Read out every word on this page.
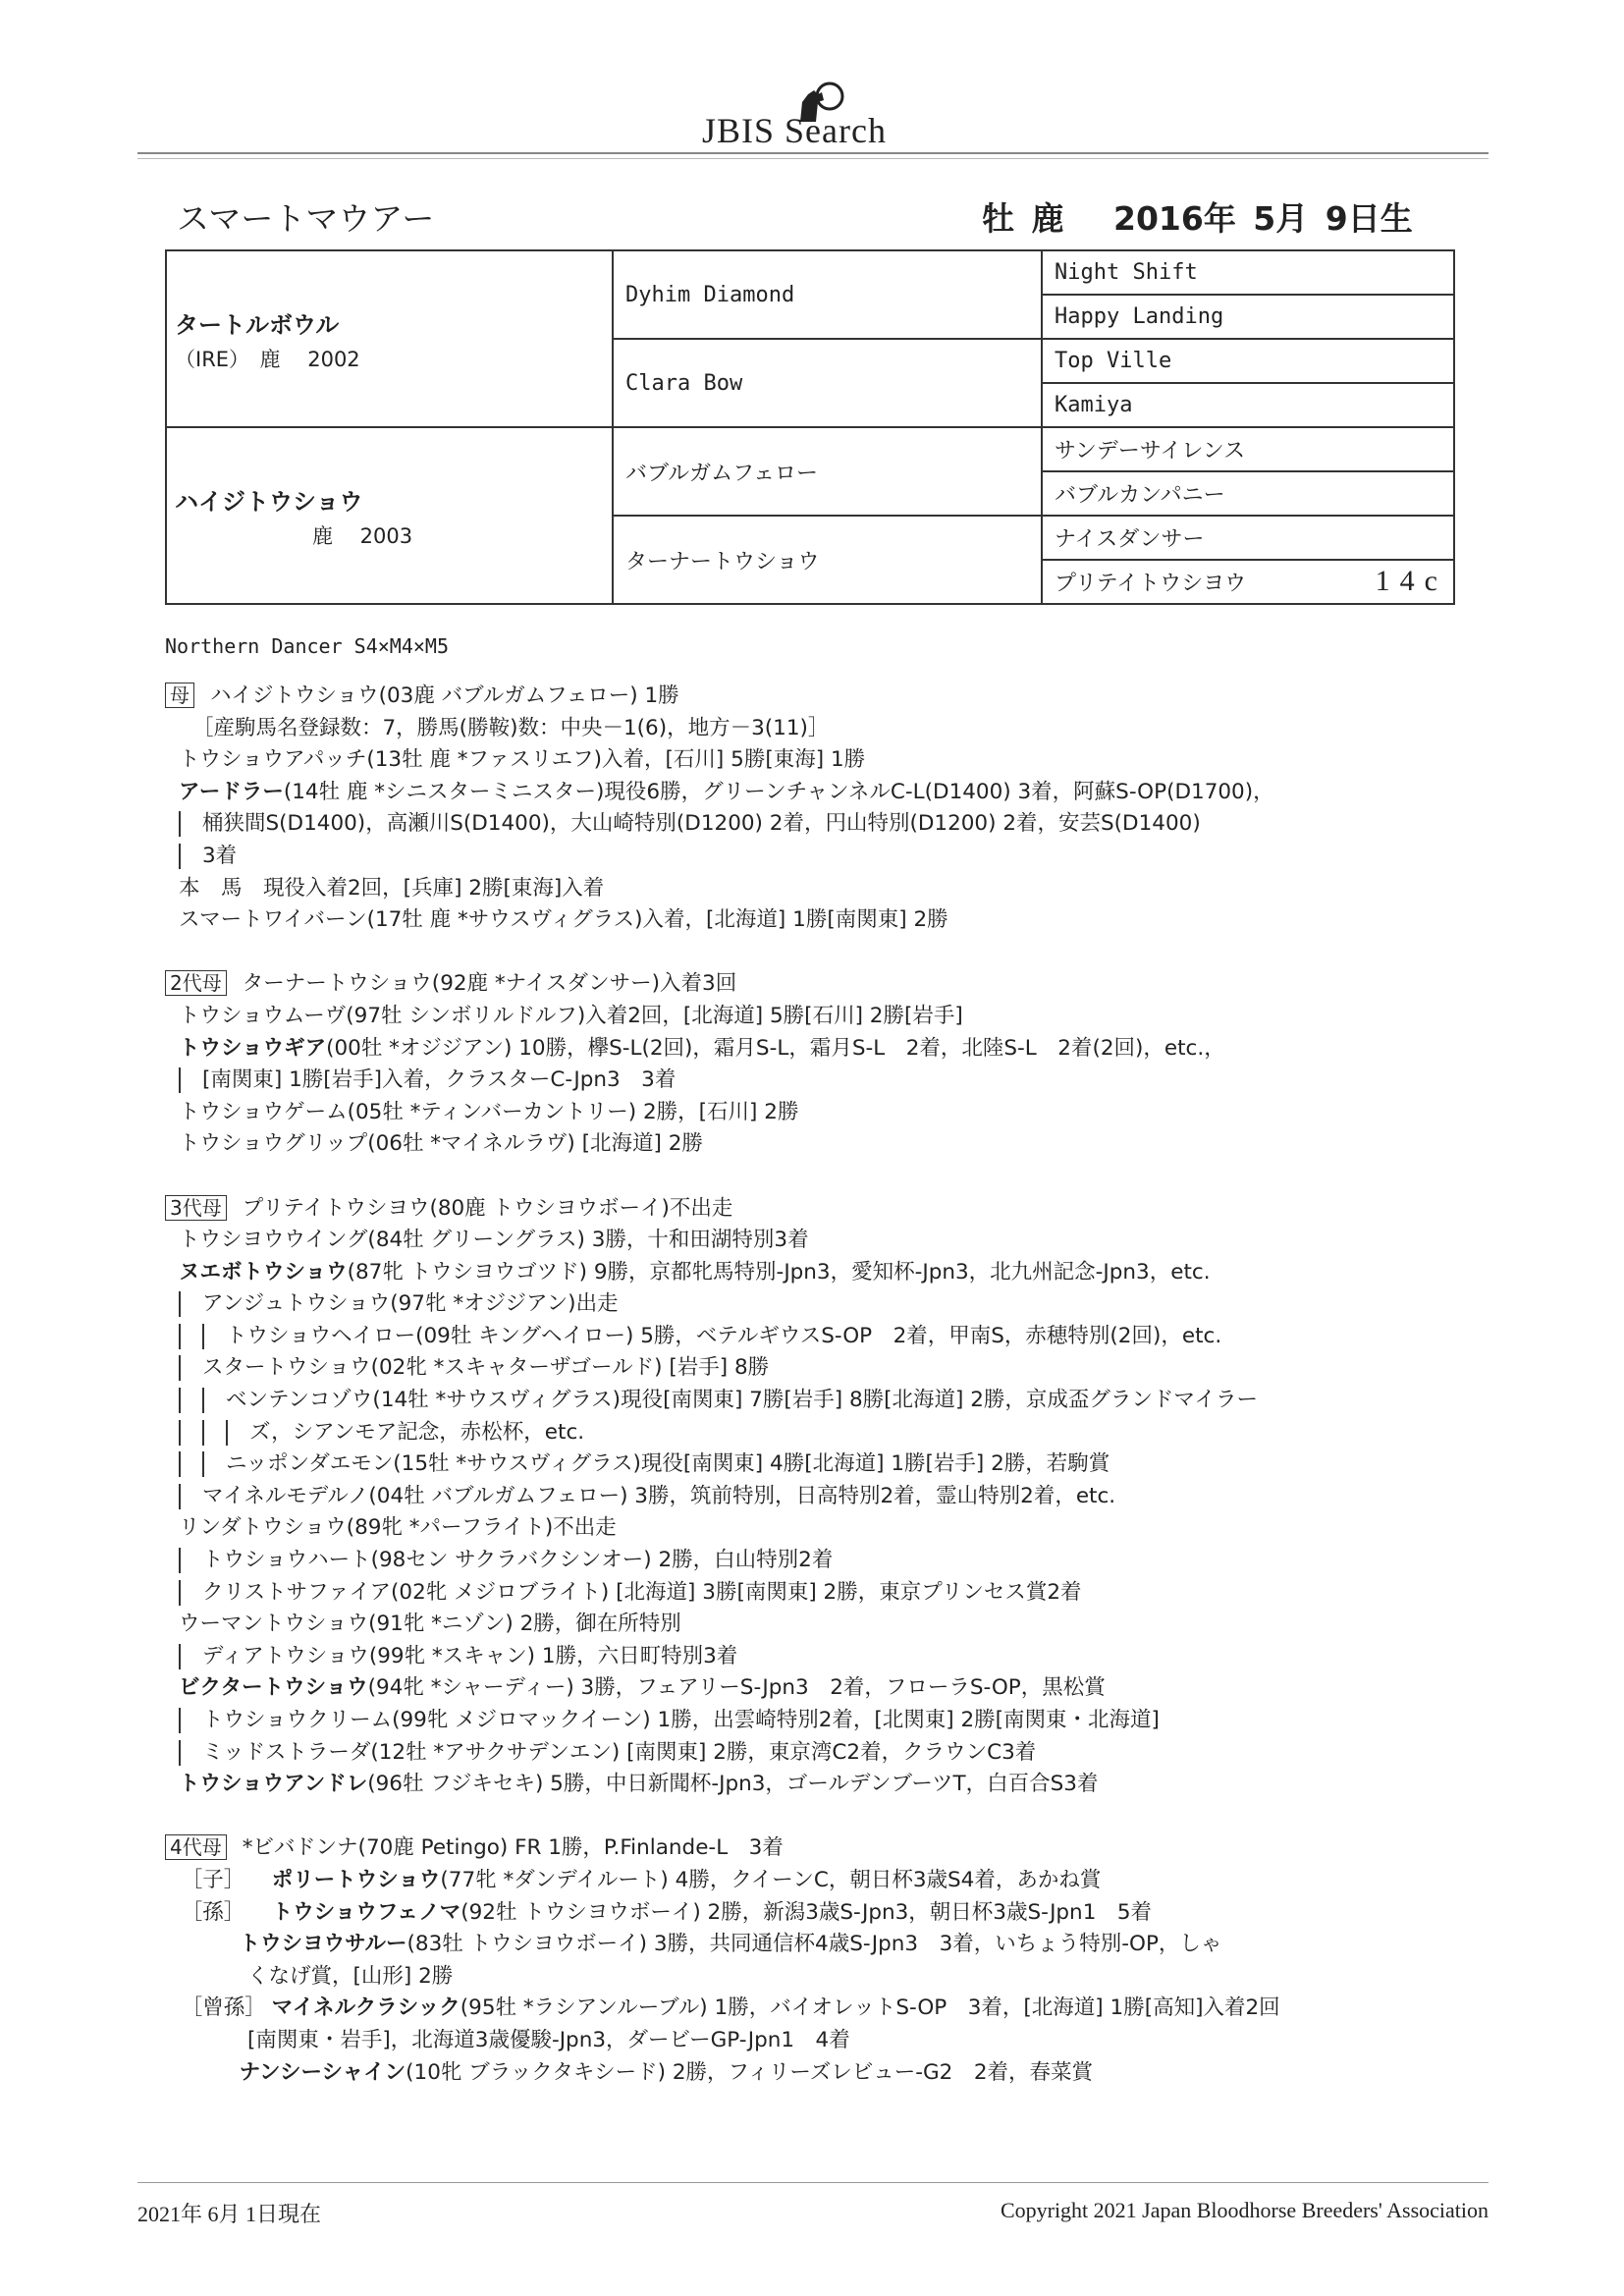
JBIS Search
スマートマウアー	牡 鹿　 2016年 5月 9日生
タートルボウル
（IRE）　鹿　 2002	Dyhim Diamond	Night Shift
		Happy Landing
	Clara Bow	Top Ville
		Kamiya

ハイジトウショウ
鹿　 2003	バブルガムフェロー	サンデーサイレンス
		バブルカンパニー
	ターナートウショウ	ナイスダンサー
		プリテイトウシヨウ 14c
Northern Dancer S4×M4×M5
母 ハイジトウショウ(03鹿 バブルガムフェロー) 1勝
［産駒馬名登録数：7，勝馬(勝鞍)数：中央－1(6)，地方－3(11)］
トウショウアパッチ(13牡 鹿 *ファスリエフ)入着，[石川] 5勝[東海] 1勝
アードラー(14牡 鹿 *シニスターミニスター)現役6勝，グリーンチャンネルC-L(D1400) 3着，阿蘇S-OP(D1700)，
桶狭間S(D1400)，高瀬川S(D1400)，大山崎特別(D1200) 2着，円山特別(D1200) 2着，安芸S(D1400)
3着
本　馬　現役入着2回，[兵庫] 2勝[東海]入着
スマートワイバーン(17牡 鹿 *サウスヴィグラス)入着，[北海道] 1勝[南関東] 2勝
2代母 ターナートウショウ(92鹿 *ナイスダンサー)入着3回
トウショウムーヴ(97牡 シンボリルドルフ)入着2回，[北海道] 5勝[石川] 2勝[岩手]
トウショウギア(00牡 *オジジアン) 10勝，欅S-L(2回)，霜月S-L，霜月S-L　2着，北陸S-L　2着(2回)，etc.，
[南関東] 1勝[岩手]入着，クラスターC-Jpn3　3着
トウショウゲーム(05牡 *ティンバーカントリー) 2勝，[石川] 2勝
トウショウグリップ(06牡 *マイネルラヴ) [北海道] 2勝
3代母 プリテイトウシヨウ(80鹿 トウシヨウボーイ)不出走
トウシヨウウイング(84牡 グリーングラス) 3勝，十和田湖特別3着
ヌエボトウショウ(87牝 トウシヨウゴツド) 9勝，京都牝馬特別-Jpn3，愛知杯-Jpn3，北九州記念-Jpn3，etc.
アンジュトウショウ(97牝 *オジジアン)出走
トウショウヘイロー(09牡 キングヘイロー) 5勝，ベテルギウスS-OP　2着，甲南S，赤穂特別(2回)，etc.
スタートウショウ(02牝 *スキャターザゴールド) [岩手] 8勝
ベンテンコゾウ(14牡 *サウスヴィグラス)現役[南関東] 7勝[岩手] 8勝[北海道] 2勝，京成盃グランドマイラー
ズ，シアンモア記念，赤松杯，etc.
ニッポンダエモン(15牡 *サウスヴィグラス)現役[南関東] 4勝[北海道] 1勝[岩手] 2勝，若駒賞
マイネルモデルノ(04牡 バブルガムフェロー) 3勝，筑前特別，日高特別2着，霊山特別2着，etc.
リンダトウショウ(89牝 *パーフライト)不出走
トウショウハート(98セン サクラバクシンオー) 2勝，白山特別2着
クリストサファイア(02牝 メジロブライト) [北海道] 3勝[南関東] 2勝，東京プリンセス賞2着
ウーマントウショウ(91牝 *ニゾン) 2勝，御在所特別
ディアトウショウ(99牝 *スキャン) 1勝，六日町特別3着
ビクタートウショウ(94牝 *シャーディー) 3勝，フェアリーS-Jpn3　2着，フローラS-OP，黒松賞
トウショウクリーム(99牝 メジロマックイーン) 1勝，出雲崎特別2着，[北関東] 2勝[南関東・北海道]
ミッドストラーダ(12牡 *アサクサデンエン) [南関東] 2勝，東京湾C2着，クラウンC3着
トウショウアンドレ(96牡 フジキセキ) 5勝，中日新聞杯-Jpn3，ゴールデンブーツT，白百合S3着
4代母 *ビバドンナ(70鹿 Petingo) FR 1勝，P.Finlande-L　3着
［子］ ポリートウショウ(77牝 *ダンデイルート) 4勝，クイーンC，朝日杯3歳S4着，あかね賞
［孫］ トウショウフェノマ(92牡 トウシヨウボーイ) 2勝，新潟3歳S-Jpn3，朝日杯3歳S-Jpn1　5着
トウシヨウサルー(83牡 トウシヨウボーイ) 3勝，共同通信杯4歳S-Jpn3　3着，いちょう特別-OP，しゃ
くなげ賞，[山形] 2勝
［曾孫］ マイネルクラシック(95牡 *ラシアンルーブル) 1勝，バイオレットS-OP　3着，[北海道] 1勝[高知]入着2回
[南関東・岩手]，北海道3歳優駿-Jpn3，ダービーGP-Jpn1　4着
ナンシーシャイン(10牝 ブラックタキシード) 2勝，フィリーズレビュー-G2　2着，春菜賞
2021年 6月 1日現在	Copyright 2021 Japan Bloodhorse Breeders' Association
